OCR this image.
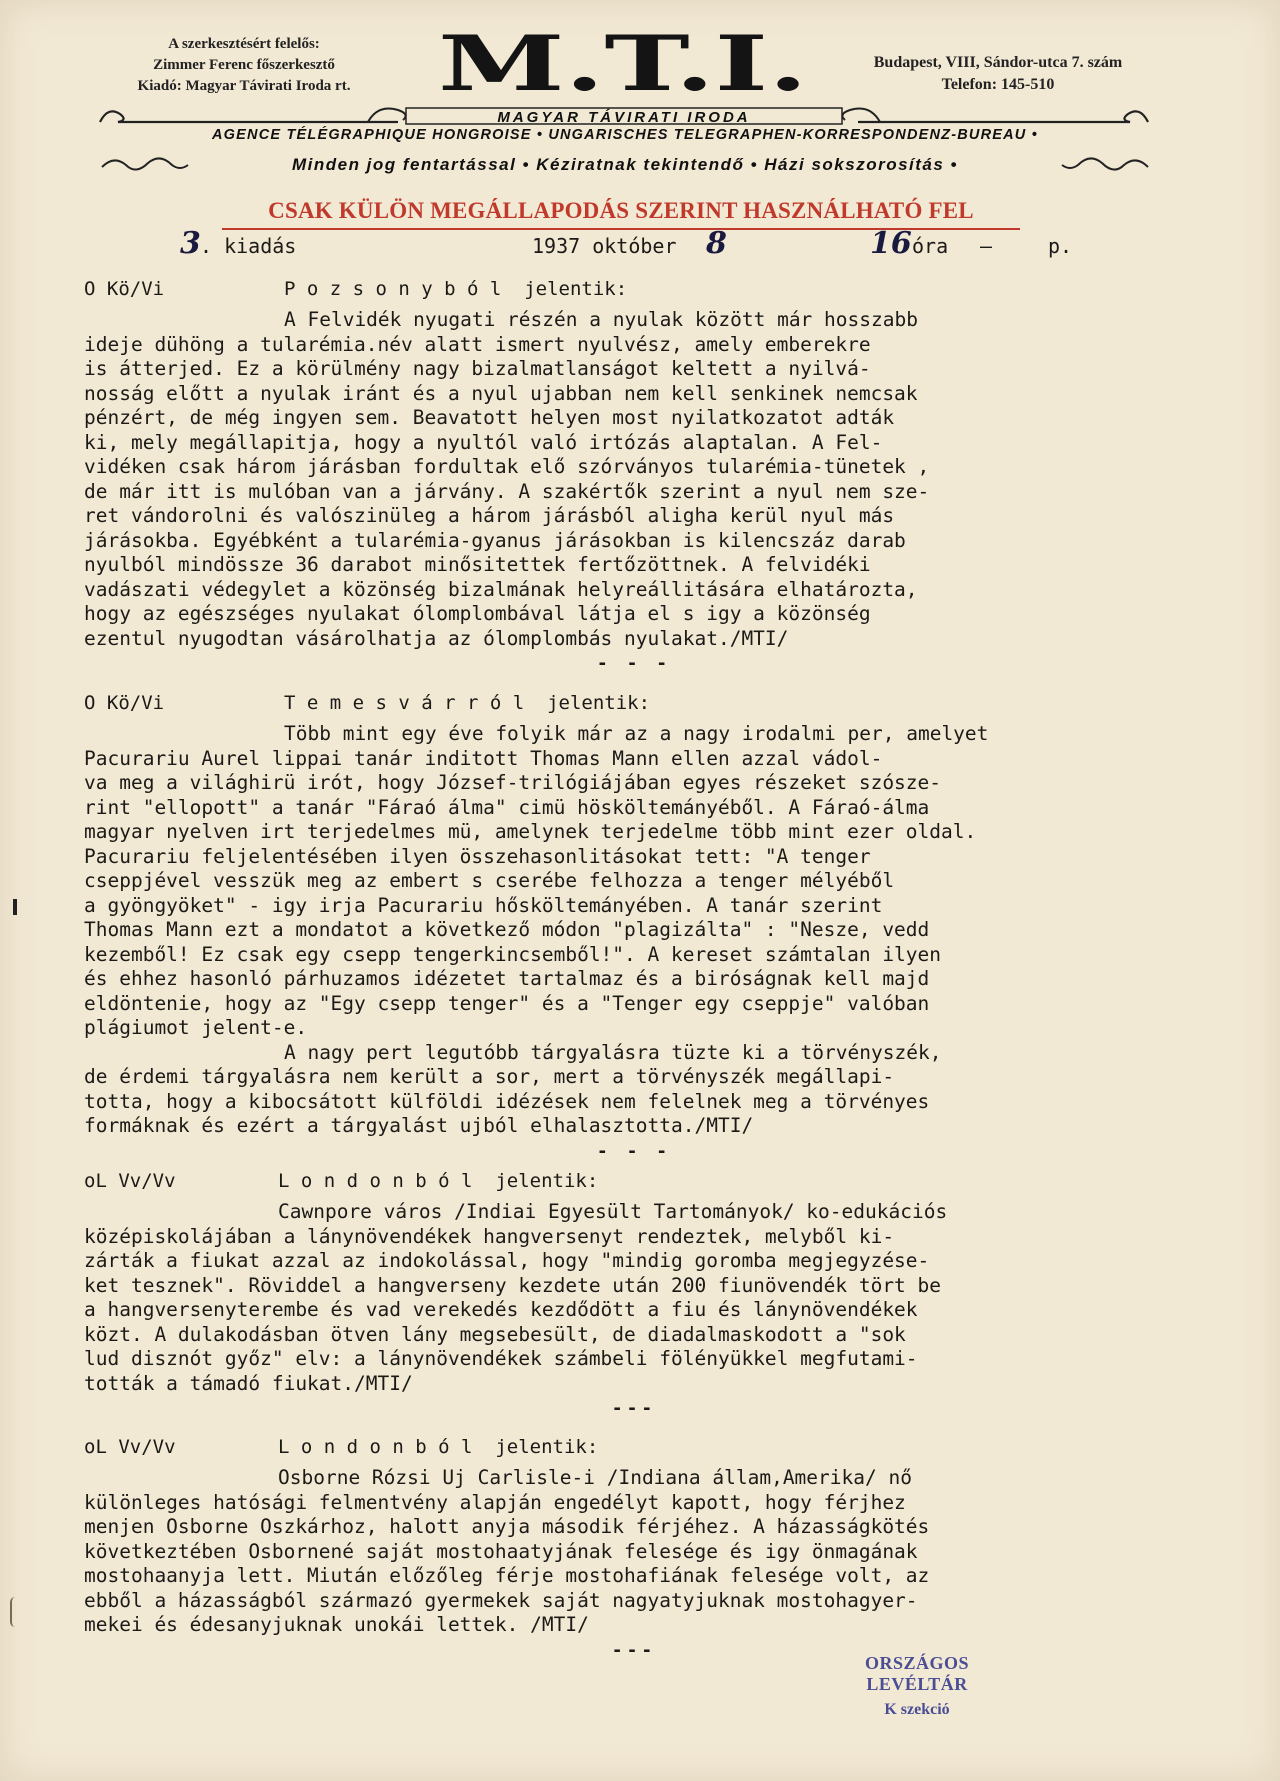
A szerkesztésért felelős:
Zimmer Ferenc főszerkesztő
Kiadó: Magyar Távirati Iroda rt.	M.T.I.	Budapest, VIII, Sándor-utca 7. szám
Telefon: 145-510
MAGYAR TÁVIRATI IRODA
AGENCE TÉLÉGRAPHIQUE HONGROISE • UNGARISCHES TELEGRAPHEN-KORRESPONDENZ-BUREAU •
Minden jog fentartással • Kéziratnak tekintendő • Házi sokszorosítás •
CSAK KÜLÖN MEGÁLLAPODÁS SZERINT HASZNÁLHATÓ FEL
3 . kiadás	1937 október 8	16 óra —	p.
O Kö/Vi	P o z s o n y b ó l  jelentik:

A Felvidék nyugati részén a nyulak között már hosszabb

ideje dühöng a tularémia.név alatt ismert nyulvész, amely emberekre

is átterjed. Ez a körülmény nagy bizalmatlanságot keltett a nyilvá-

nosság előtt a nyulak iránt és a nyul ujabban nem kell senkinek nemcsak

pénzért, de még ingyen sem. Beavatott helyen most nyilatkozatot adták

ki, mely megállapitja, hogy a nyultól való irtózás alaptalan. A Fel-

vidéken csak három járásban fordultak elő szórványos tularémia-tünetek ,

de már itt is mulóban van a járvány. A szakértők szerint a nyul nem sze-

ret vándorolni és valószinüleg a három járásból aligha kerül nyul más

járásokba. Egyébként a tularémia-gyanus járásokban is kilencszáz darab

nyulból mindössze 36 darabot minősitettek fertőzöttnek. A felvidéki

vadászati védegylet a közönség bizalmának helyreállitására elhatározta,

hogy az egészséges nyulakat ólomplombával látja el s igy a közönség

ezentul nyugodtan vásárolhatja az ólomplombás nyulakat./MTI/

- - -
O Kö/Vi	T e m e s v á r r ó l  jelentik:

Több mint egy éve folyik már az a nagy irodalmi per, amelyet

Pacurariu Aurel lippai tanár inditott Thomas Mann ellen azzal vádol-

va meg a világhirü irót, hogy József-trilógiájában egyes részeket szósze-

rint "ellopott" a tanár "Fáraó álma" cimü hösköltemányéből. A Fáraó-álma

magyar nyelven irt terjedelmes mü, amelynek terjedelme több mint ezer oldal.

Pacurariu feljelentésében ilyen összehasonlitásokat tett: "A tenger

cseppjével vesszük meg az embert s cserébe felhozza a tenger mélyéből

a gyöngyöket" - igy irja Pacurariu hősköltemányében. A tanár szerint

Thomas Mann ezt a mondatot a következő módon "plagizálta" : "Nesze, vedd

kezemből! Ez csak egy csepp tengerkincsemből!". A kereset számtalan ilyen

és ehhez hasonló párhuzamos idézetet tartalmaz és a biróságnak kell majd

eldöntenie, hogy az "Egy csepp tenger" és a "Tenger egy cseppje" valóban

plágiumot jelent-e.

A nagy pert legutóbb tárgyalásra tüzte ki a törvényszék,

de érdemi tárgyalásra nem került a sor, mert a törvényszék megállapi-

totta, hogy a kibocsátott külföldi idézések nem felelnek meg a törvényes

formáknak és ezért a tárgyalást ujból elhalasztotta./MTI/

- - -
oL Vv/Vv	L o n d o n b ó l  jelentik:

Cawnpore város /Indiai Egyesült Tartományok/ ko-edukációs

középiskolájában a lánynövendékek hangversenyt rendeztek, melyből ki-

zárták a fiukat azzal az indokolással, hogy "mindig goromba megjegyzése-

ket tesznek". Röviddel a hangverseny kezdete után 200 fiunövendék tört be

a hangversenyterembe és vad verekedés kezdődött a fiu és lánynövendékek

közt. A dulakodásban ötven lány megsebesült, de diadalmaskodott a "sok

lud disznót győz" elv: a lánynövendékek számbeli fölényükkel megfutami-

tották a támadó fiukat./MTI/

---
oL Vv/Vv	L o n d o n b ó l  jelentik:

Osborne Rózsi Uj Carlisle-i /Indiana állam,Amerika/ nő

különleges hatósági felmentvény alapján engedélyt kapott, hogy férjhez

menjen Osborne Oszkárhoz, halott anyja második férjéhez. A házasságkötés

következtében Osbornené saját mostohaatyjának felesége és igy önmagának

mostohaanyja lett. Miután előzőleg férje mostohafiának felesége volt, az

ebből a házasságból származó gyermekek saját nagyatyjuknak mostohagyer-

mekei és édesanyjuknak unokái lettek. /MTI/

---
ORSZÁGOS LEVÉLTÁR
K szekció
